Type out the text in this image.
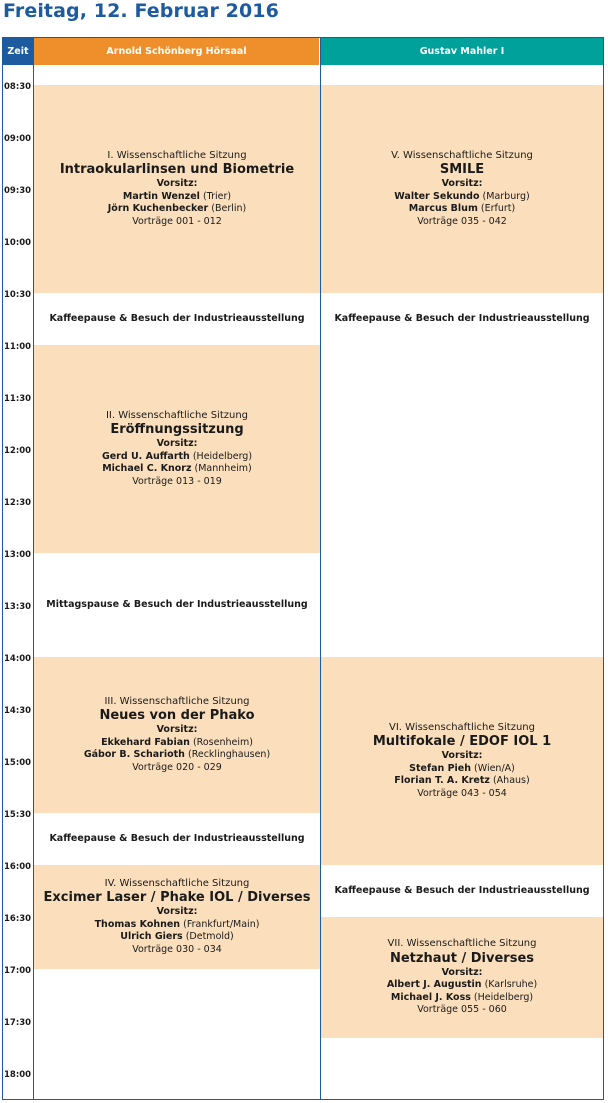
Freitag, 12. Februar 2016
Zeit	Arnold Schönberg Hörsaal	Gustav Mahler I
08:30
09:00
09:30
10:00
10:30
11:00
11:30
12:00
12:30
13:00
13:30
14:00
14:30
15:00
15:30
16:00
16:30
17:00
17:30
18:00
I. Wissenschaftliche Sitzung
Intraokularlinsen und Biometrie
Vorsitz:
Martin Wenzel (Trier)
Jörn Kuchenbecker (Berlin)
Vorträge 001 - 012
Kaffeepause & Besuch der Industrieausstellung
II. Wissenschaftliche Sitzung
Eröffnungssitzung
Vorsitz:
Gerd U. Auffarth (Heidelberg)
Michael C. Knorz (Mannheim)
Vorträge 013 - 019
Mittagspause & Besuch der Industrieausstellung
III. Wissenschaftliche Sitzung
Neues von der Phako
Vorsitz:
Ekkehard Fabian (Rosenheim)
Gábor B. Scharioth (Recklinghausen)
Vorträge 020 - 029
Kaffeepause & Besuch der Industrieausstellung
IV. Wissenschaftliche Sitzung
Excimer Laser / Phake IOL / Diverses
Vorsitz:
Thomas Kohnen (Frankfurt/Main)
Ulrich Giers (Detmold)
Vorträge 030 - 034
V. Wissenschaftliche Sitzung
SMILE
Vorsitz:
Walter Sekundo (Marburg)
Marcus Blum (Erfurt)
Vorträge 035 - 042
Kaffeepause & Besuch der Industrieausstellung
VI. Wissenschaftliche Sitzung
Multifokale / EDOF IOL 1
Vorsitz:
Stefan Pieh (Wien/A)
Florian T. A. Kretz (Ahaus)
Vorträge 043 - 054
Kaffeepause & Besuch der Industrieausstellung
VII. Wissenschaftliche Sitzung
Netzhaut / Diverses
Vorsitz:
Albert J. Augustin (Karlsruhe)
Michael J. Koss (Heidelberg)
Vorträge 055 - 060
